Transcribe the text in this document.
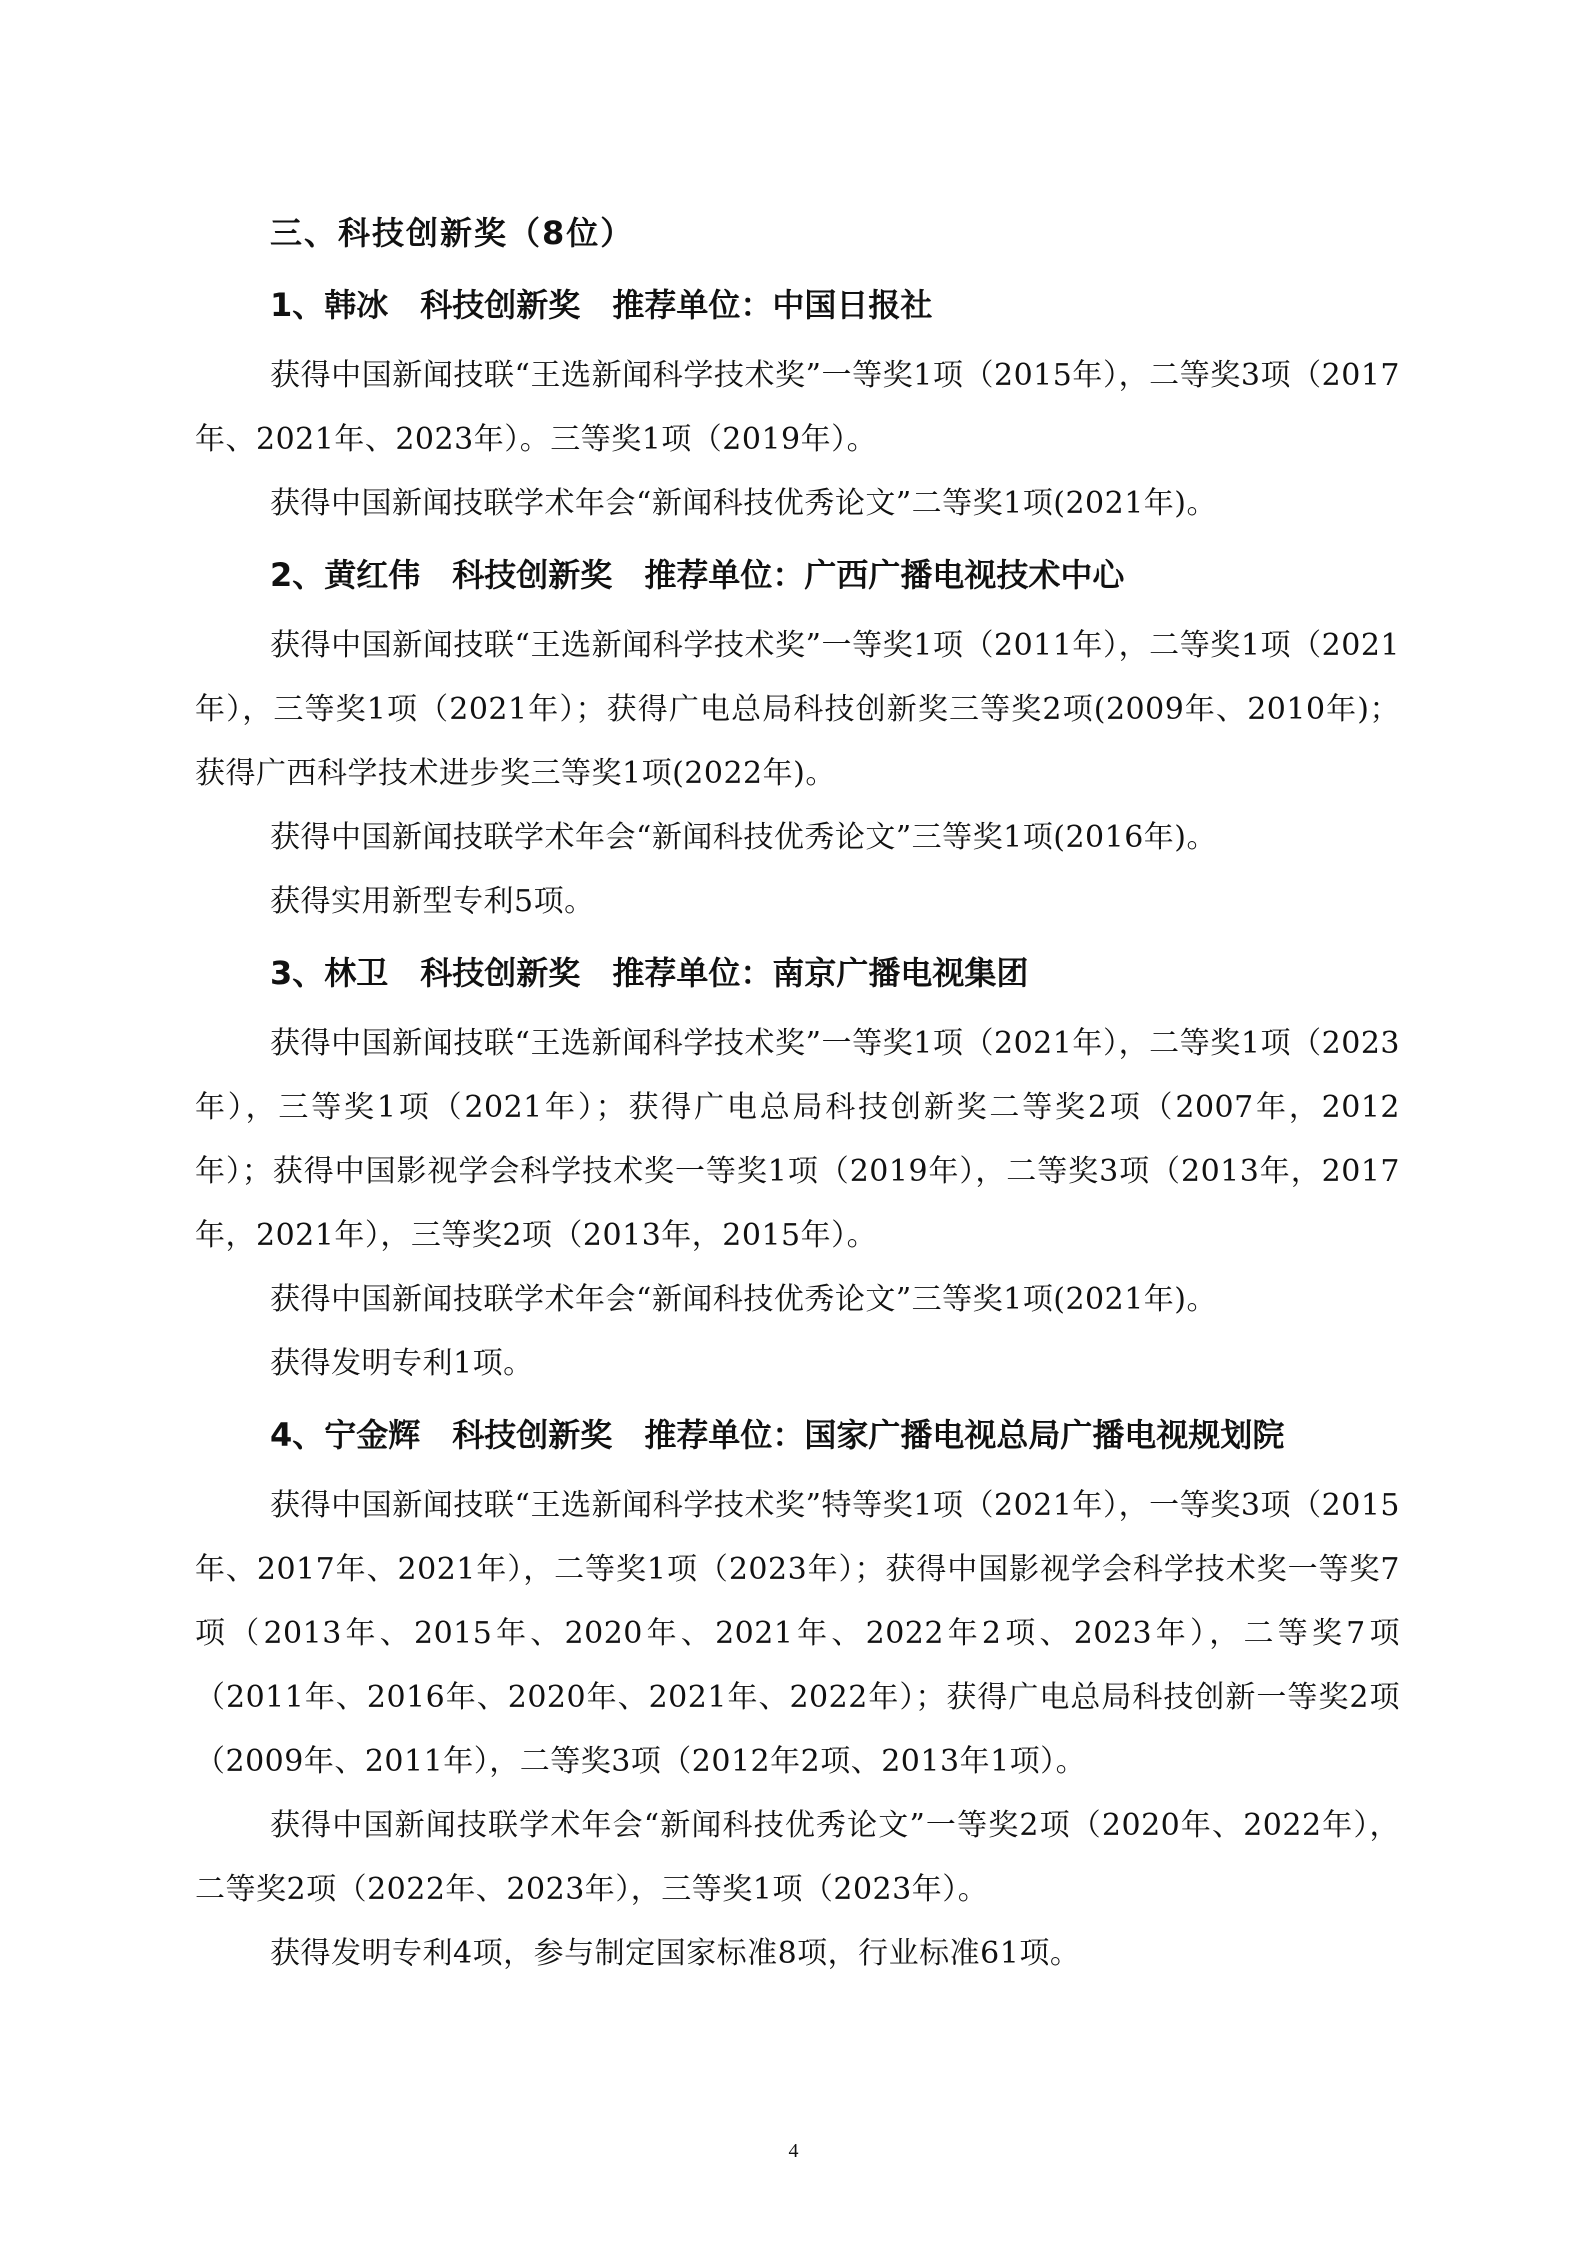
三、科技创新奖（8位）
1、韩冰 科技创新奖 推荐单位：中国日报社

获得中国新闻技联“王选新闻科学技术奖”一等奖1项（2015年），二等奖3项（2017年、2021年、2023年）。三等奖1项（2019年）。

获得中国新闻技联学术年会“新闻科技优秀论文”二等奖1项(2021年)。

2、黄红伟 科技创新奖 推荐单位：广西广播电视技术中心

获得中国新闻技联“王选新闻科学技术奖”一等奖1项（2011年），二等奖1项（2021年），三等奖1项（2021年）；获得广电总局科技创新奖三等奖2项(2009年、2010年)；获得广西科学技术进步奖三等奖1项(2022年)。

获得中国新闻技联学术年会“新闻科技优秀论文”三等奖1项(2016年)。

获得实用新型专利5项。

3、林卫 科技创新奖 推荐单位：南京广播电视集团

获得中国新闻技联“王选新闻科学技术奖”一等奖1项（2021年），二等奖1项（2023年），三等奖1项（2021年）；获得广电总局科技创新奖二等奖2项（2007年，2012年）；获得中国影视学会科学技术奖一等奖1项（2019年），二等奖3项（2013年，2017年，2021年），三等奖2项（2013年，2015年）。

获得中国新闻技联学术年会“新闻科技优秀论文”三等奖1项(2021年)。

获得发明专利1项。

4、宁金辉 科技创新奖 推荐单位：国家广播电视总局广播电视规划院

获得中国新闻技联“王选新闻科学技术奖”特等奖1项（2021年），一等奖3项（2015年、2017年、2021年），二等奖1项（2023年）；获得中国影视学会科学技术奖一等奖7项（2013年、2015年、2020年、2021年、2022年2项、2023年），二等奖7项（2011年、2016年、2020年、2021年、2022年）；获得广电总局科技创新一等奖2项（2009年、2011年），二等奖3项（2012年2项、2013年1项）。

获得中国新闻技联学术年会“新闻科技优秀论文”一等奖2项（2020年、2022年），二等奖2项（2022年、2023年），三等奖1项（2023年）。

获得发明专利4项，参与制定国家标准8项，行业标准61项。

4
